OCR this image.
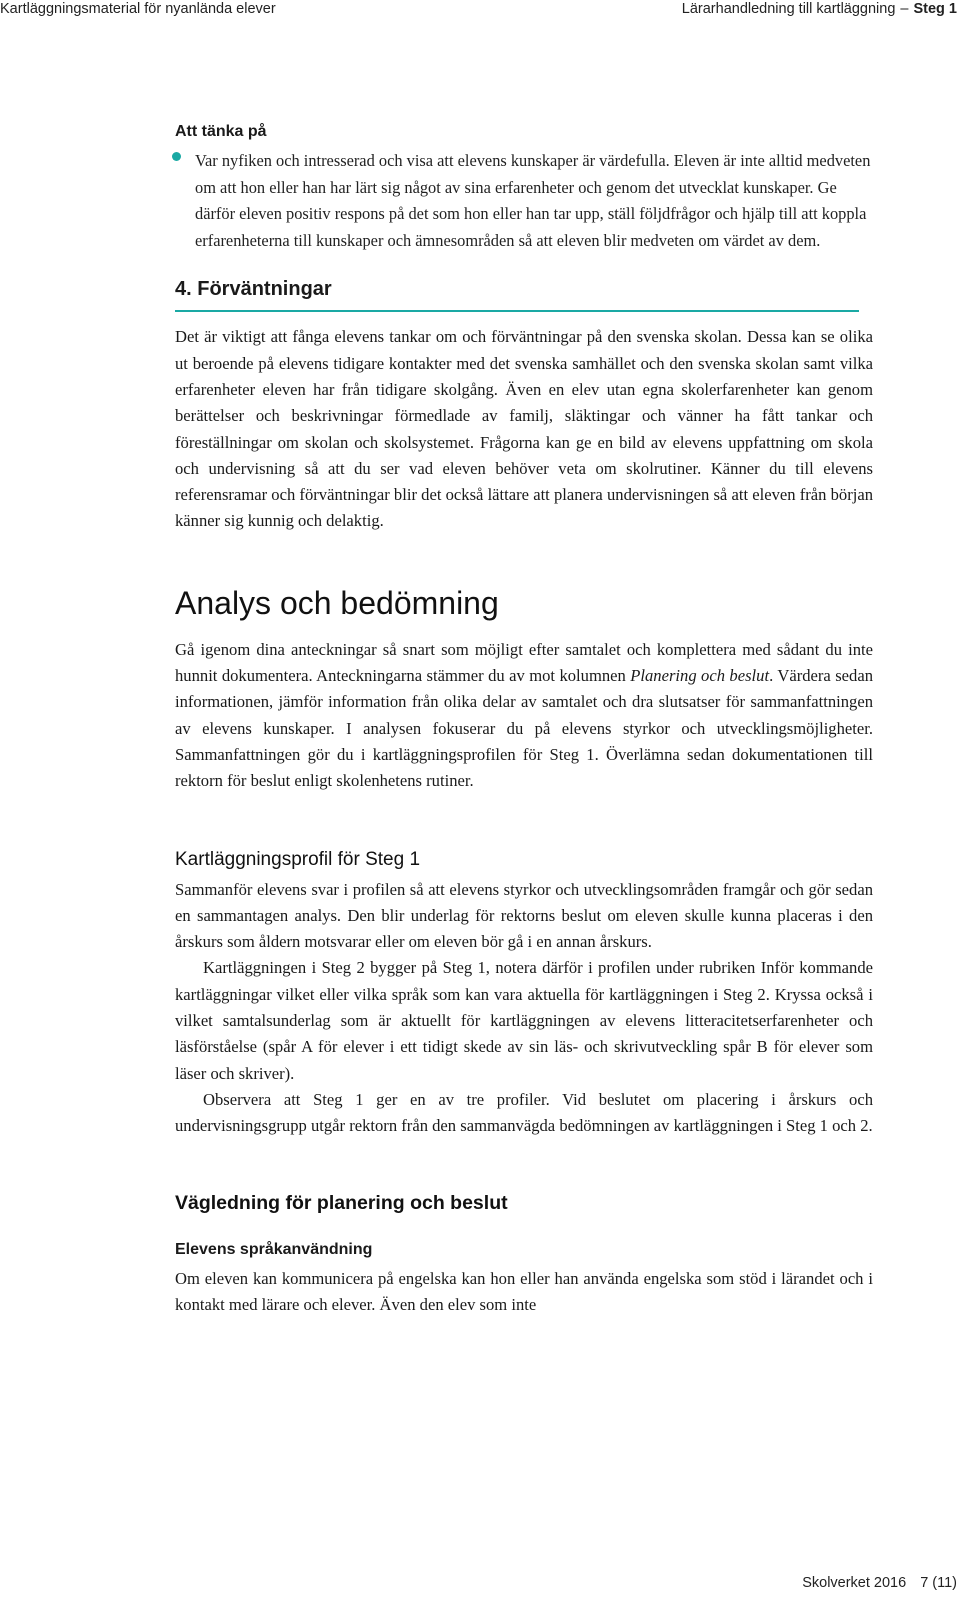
Kartläggningsmaterial för nyanlända elever	Lärarhandledning till kartläggning – Steg 1
Att tänka på

Var nyfiken och intresserad och visa att elevens kunskaper är värdefulla. Eleven är inte alltid medveten om att hon eller han har lärt sig något av sina erfarenheter och genom det utvecklat kunskaper. Ge därför eleven positiv respons på det som hon eller han tar upp, ställ följdfrågor och hjälp till att koppla erfarenheterna till kunskaper och ämnesområden så att eleven blir medveten om värdet av dem.

4. Förväntningar

Det är viktigt att fånga elevens tankar om och förväntningar på den svenska skolan. Dessa kan se olika ut beroende på elevens tidigare kontakter med det svenska samhället och den svenska skolan samt vilka erfarenheter eleven har från tidigare skolgång. Även en elev utan egna skolerfarenheter kan genom berättelser och beskrivningar förmedlade av familj, släktingar och vänner ha fått tankar och föreställningar om skolan och skolsystemet. Frågorna kan ge en bild av elevens uppfattning om skola och undervisning så att du ser vad eleven behöver veta om skolrutiner. Känner du till elevens referensramar och förväntningar blir det också lättare att planera undervisningen så att eleven från början känner sig kunnig och delaktig.

Analys och bedömning

Gå igenom dina anteckningar så snart som möjligt efter samtalet och komplettera med sådant du inte hunnit dokumentera. Anteckningarna stämmer du av mot kolumnen Planering och beslut. Värdera sedan informationen, jämför information från olika delar av samtalet och dra slutsatser för sammanfattningen av elevens kunskaper. I analysen fokuserar du på elevens styrkor och utvecklingsmöjligheter. Sammanfattningen gör du i kartläggningsprofilen för Steg 1. Överlämna sedan dokumentationen till rektorn för beslut enligt skolenhetens rutiner.

Kartläggningsprofil för Steg 1

Sammanför elevens svar i profilen så att elevens styrkor och utvecklingsområden framgår och gör sedan en sammantagen analys. Den blir underlag för rektorns beslut om eleven skulle kunna placeras i den årskurs som åldern motsvarar eller om eleven bör gå i en annan årskurs.

Kartläggningen i Steg 2 bygger på Steg 1, notera därför i profilen under rubriken Inför kommande kartläggningar vilket eller vilka språk som kan vara aktuella för kartläggningen i Steg 2. Kryssa också i vilket samtalsunderlag som är aktuellt för kartläggningen av elevens litteracitetserfarenheter och läsförståelse (spår A för elever i ett tidigt skede av sin läs- och skrivutveckling spår B för elever som läser och skriver).

Observera att Steg 1 ger en av tre profiler. Vid beslutet om placering i årskurs och undervisningsgrupp utgår rektorn från den sammanvägda bedömningen av kartläggningen i Steg 1 och 2.

Vägledning för planering och beslut
Elevens språkanvändning

Om eleven kan kommunicera på engelska kan hon eller han använda engelska som stöd i lärandet och i kontakt med lärare och elever. Även den elev som inte

Skolverket 2016 7 (11)
